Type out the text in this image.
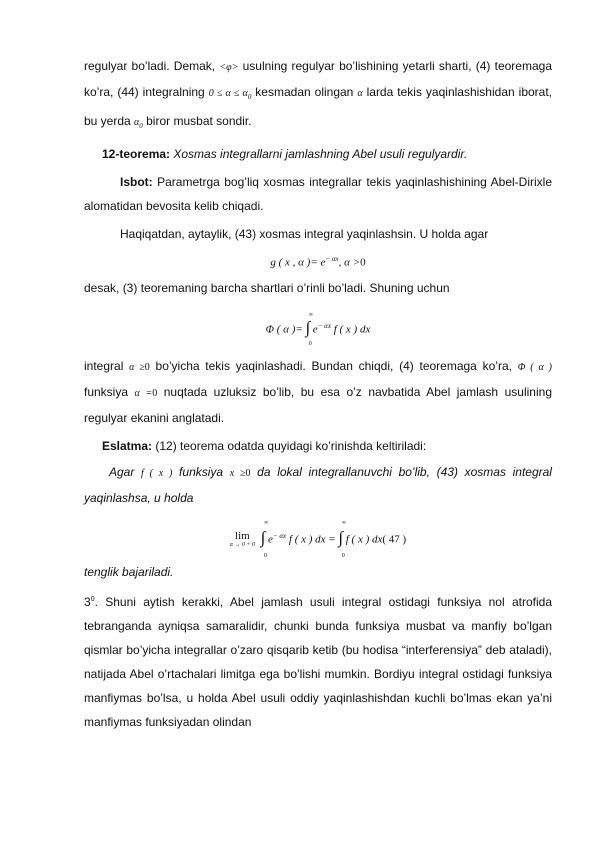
regulyar bo’ladi. Demak, <φ> usulning regulyar bo’lishining yetarli sharti, (4) teoremaga ko’ra, (44) integralning $0 \le \alpha \le \alpha_0$ kesmadan olingan α larda tekis yaqinlashishidan iborat, bu yerda $\alpha_0$ biror musbat sondir.

12-teorema: Xosmas integrallarni jamlashning Abel usuli regulyardir.

Isbot: Parametrga bog’liq xosmas integrallar tekis yaqinlashishining Abel-Dirixle alomatidan bevosita kelib chiqadi.

Haqiqatdan, aytaylik, (43) xosmas integral yaqinlashsin. U holda agar

g ( x , α )= $e^{- \alpha x}$, α >0

desak, (3) teoremaning barcha shartlari o’rinli bo’ladi. Shuning uchun

Φ ( α )=
∞
∫
0
$e^{- \alpha x}$ f ( x ) dx

integral α ≥0 bo’yicha tekis yaqinlashadi. Bundan chiqdi, (4) teoremaga ko’ra, Φ ( α ) funksiya α =0 nuqtada uzluksiz bo’lib, bu esa o’z navbatida Abel jamlash usulining regulyar ekanini anglatadi.

Eslatma: (12) teorema odatda quyidagi ko’rinishda keltiriladi:

Agar f ( x ) funksiya x ≥0 da lokal integrallanuvchi bo’lib, (43) xosmas integral yaqinlashsa, u holda

lim
α → 0 + 0
∞
∫
0
$e^{- \alpha x}$ f ( x ) dx =
∞
∫
0
f ( x ) dx( 47 )

tenglik bajariladi.

$3^0$. Shuni aytish kerakki, Abel jamlash usuli integral ostidagi funksiya nol atrofida tebranganda ayniqsa samaralidir, chunki bunda funksiya musbat va manfiy bo’lgan qismlar bo’yicha integrallar o’zaro qisqarib ketib (bu hodisa “interferensiya” deb ataladi), natijada Abel o’rtachalari limitga ega bo’lishi mumkin. Bordiyu integral ostidagi funksiya manfiymas bo’lsa, u holda Abel usuli oddiy yaqinlashishdan kuchli bo’lmas ekan ya’ni manfiymas funksiyadan olindan
